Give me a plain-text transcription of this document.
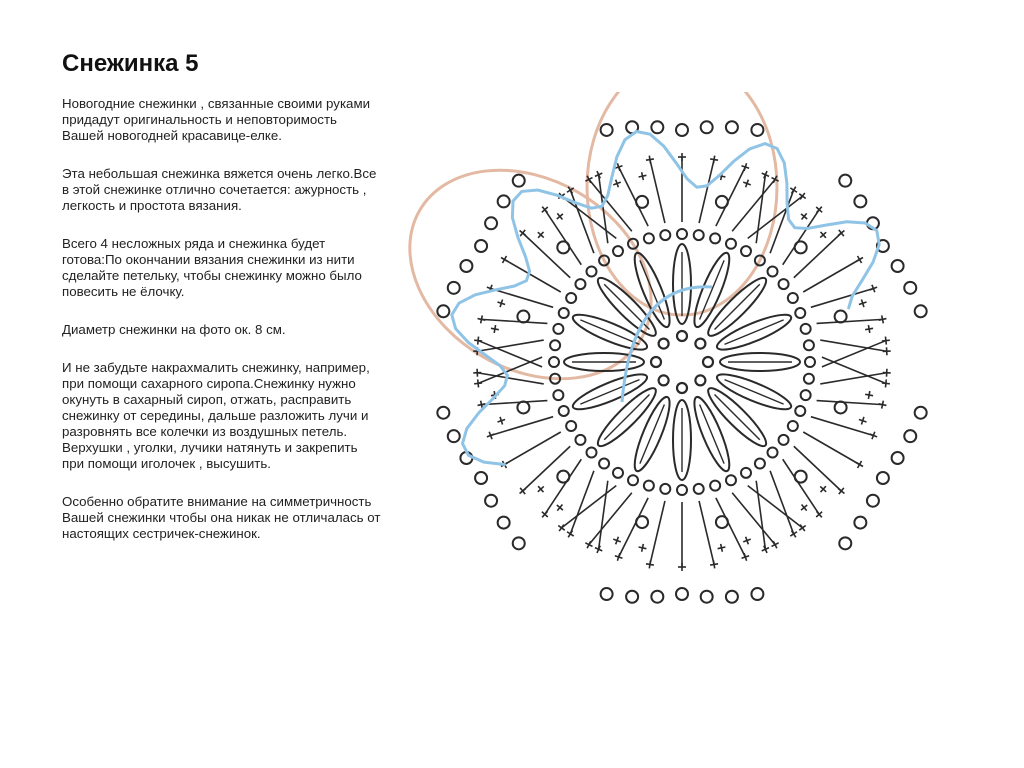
Снежинка 5

Новогодние снежинки , связанные своими руками придадут оригинальность и неповторимость Вашей новогодней красавице-елке.

Эта небольшая снежинка вяжется очень легко.Все в этой снежинке отлично сочетается: ажурность , легкость и простота вязания.

Всего 4 несложных ряда и снежинка будет готова:По окончании вязания снежинки из нити сделайте петельку, чтобы снежинку можно было повесить не ёлочку.

Диаметр снежинки на фото ок. 8 см.

И не забудьте накрахмалить снежинку, например, при помощи сахарного сиропа.Снежинку нужно окунуть в сахарный сироп, отжать, расправить снежинку от середины, дальше разложить лучи и разровнять все колечки из воздушных петель. Верхушки , уголки, лучики натянуть и закрепить при помощи иголочек , высушить.

Особенно обратите внимание на симметричность Вашей снежинки чтобы она никак не отличалась от настоящих сестричек-снежинок.
